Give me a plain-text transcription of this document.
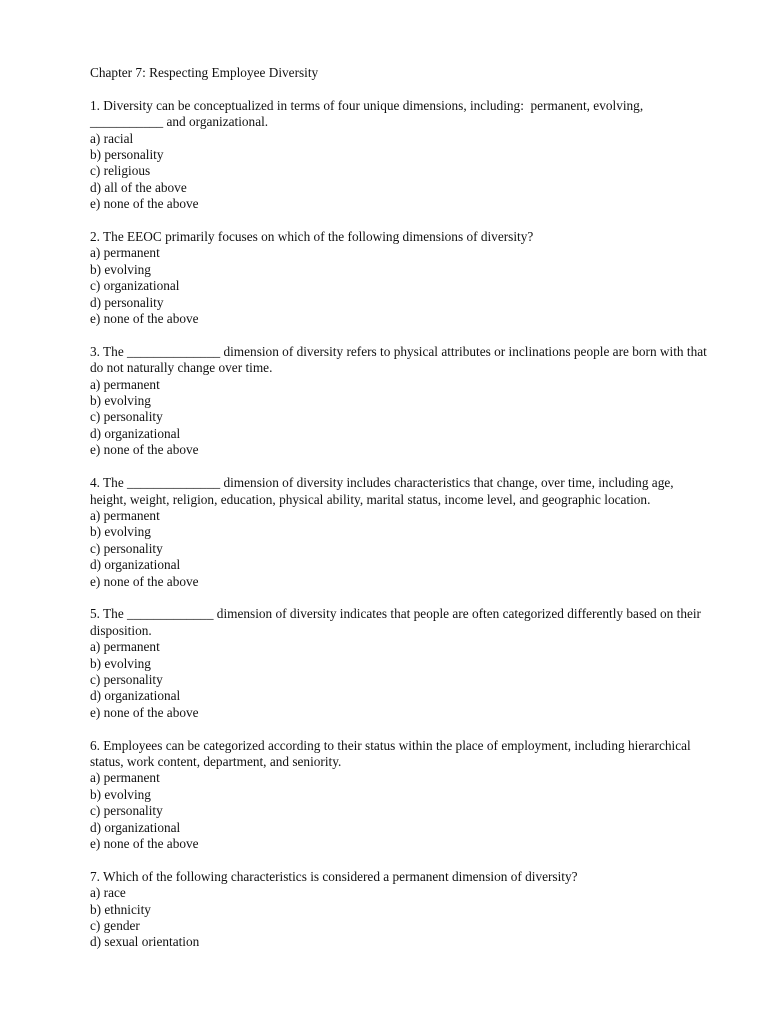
Chapter 7: Respecting Employee Diversity

1. Diversity can be conceptualized in terms of four unique dimensions, including:  permanent, evolving, ___________ and organizational.

a) racial
b) personality
c) religious
d) all of the above
e) none of the above

2. The EEOC primarily focuses on which of the following dimensions of diversity?

a) permanent
b) evolving
c) organizational
d) personality
e) none of the above

3. The ______________ dimension of diversity refers to physical attributes or inclinations people are born with that do not naturally change over time.

a) permanent
b) evolving
c) personality
d) organizational
e) none of the above

4. The ______________ dimension of diversity includes characteristics that change, over time, including age, height, weight, religion, education, physical ability, marital status, income level, and geographic location.

a) permanent
b) evolving
c) personality
d) organizational
e) none of the above

5. The _____________ dimension of diversity indicates that people are often categorized differently based on their disposition.

a) permanent
b) evolving
c) personality
d) organizational
e) none of the above

6. Employees can be categorized according to their status within the place of employment, including hierarchical status, work content, department, and seniority.

a) permanent
b) evolving
c) personality
d) organizational
e) none of the above

7. Which of the following characteristics is considered a permanent dimension of diversity?

a) race
b) ethnicity
c) gender
d) sexual orientation
